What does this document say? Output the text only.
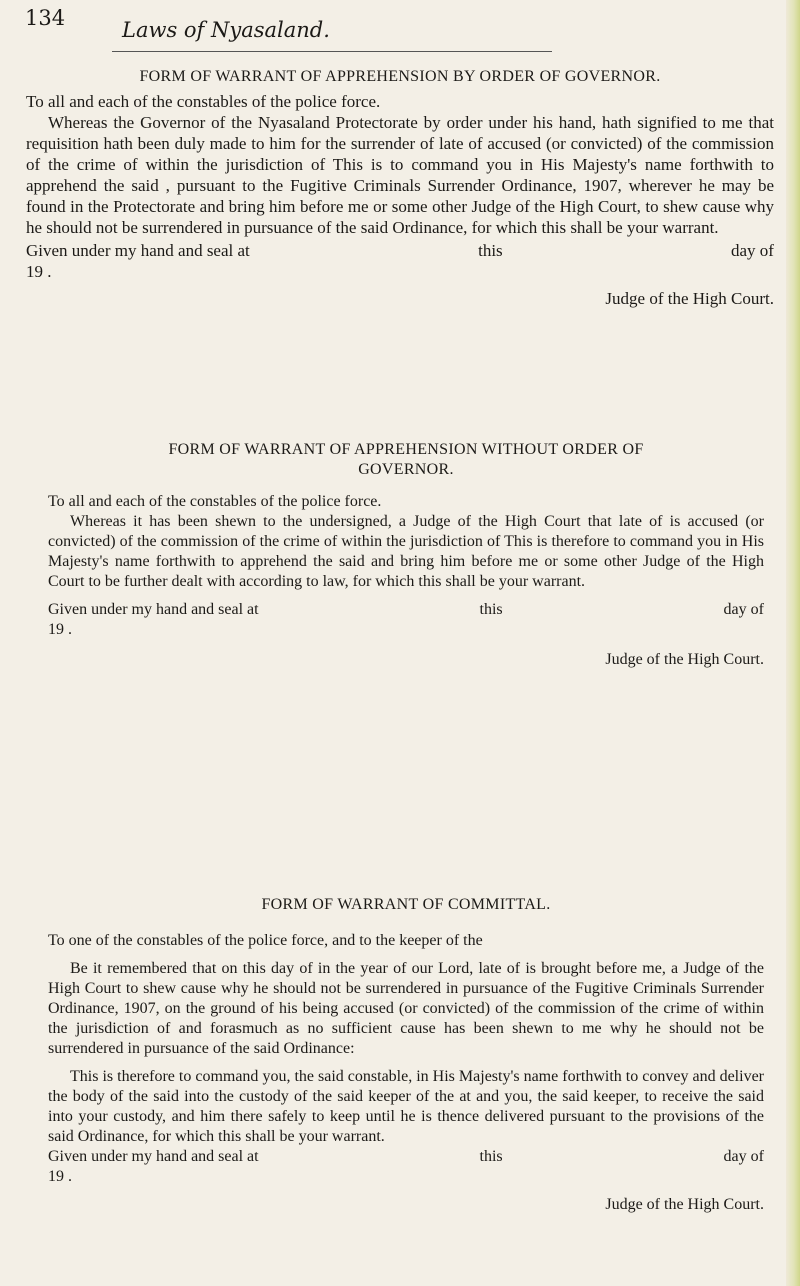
134	Laws of Nyasaland.
FORM OF WARRANT OF APPREHENSION BY ORDER OF GOVERNOR.

To all and each of the constables of the police force.

Whereas the Governor of the Nyasaland Protectorate by order under his hand, hath signified to me that requisition hath been duly made to him for the surrender of late of accused (or convicted) of the commission of the crime of within the jurisdiction of This is to command you in His Majesty's name forthwith to apprehend the said , pursuant to the Fugitive Criminals Surrender Ordinance, 1907, wherever he may be found in the Protectorate and bring him before me or some other Judge of the High Court, to shew cause why he should not be surrendered in pursuance of the said Ordinance, for which this shall be your warrant.

Given under my hand and seal at	this	day of
19 .
Judge of the High Court.
FORM OF WARRANT OF APPREHENSION WITHOUT ORDER OF
GOVERNOR.

To all and each of the constables of the police force.

Whereas it has been shewn to the undersigned, a Judge of the High Court that late of is accused (or convicted) of the commission of the crime of within the jurisdiction of This is therefore to command you in His Majesty's name forthwith to apprehend the said and bring him before me or some other Judge of the High Court to be further dealt with according to law, for which this shall be your warrant.

Given under my hand and seal at	this	day of
19 .
Judge of the High Court.
FORM OF WARRANT OF COMMITTAL.

To one of the constables of the police force, and to the keeper of the

Be it remembered that on this day of in the year of our Lord, late of is brought before me, a Judge of the High Court to shew cause why he should not be surrendered in pursuance of the Fugitive Criminals Surrender Ordinance, 1907, on the ground of his being accused (or convicted) of the commission of the crime of within the jurisdiction of and forasmuch as no sufficient cause has been shewn to me why he should not be surrendered in pursuance of the said Ordinance:

This is therefore to command you, the said constable, in His Majesty's name forthwith to convey and deliver the body of the said into the custody of the said keeper of the at and you, the said keeper, to receive the said into your custody, and him there safely to keep until he is thence delivered pursuant to the provisions of the said Ordinance, for which this shall be your warrant.

Given under my hand and seal at	this	day of
19 .
Judge of the High Court.
